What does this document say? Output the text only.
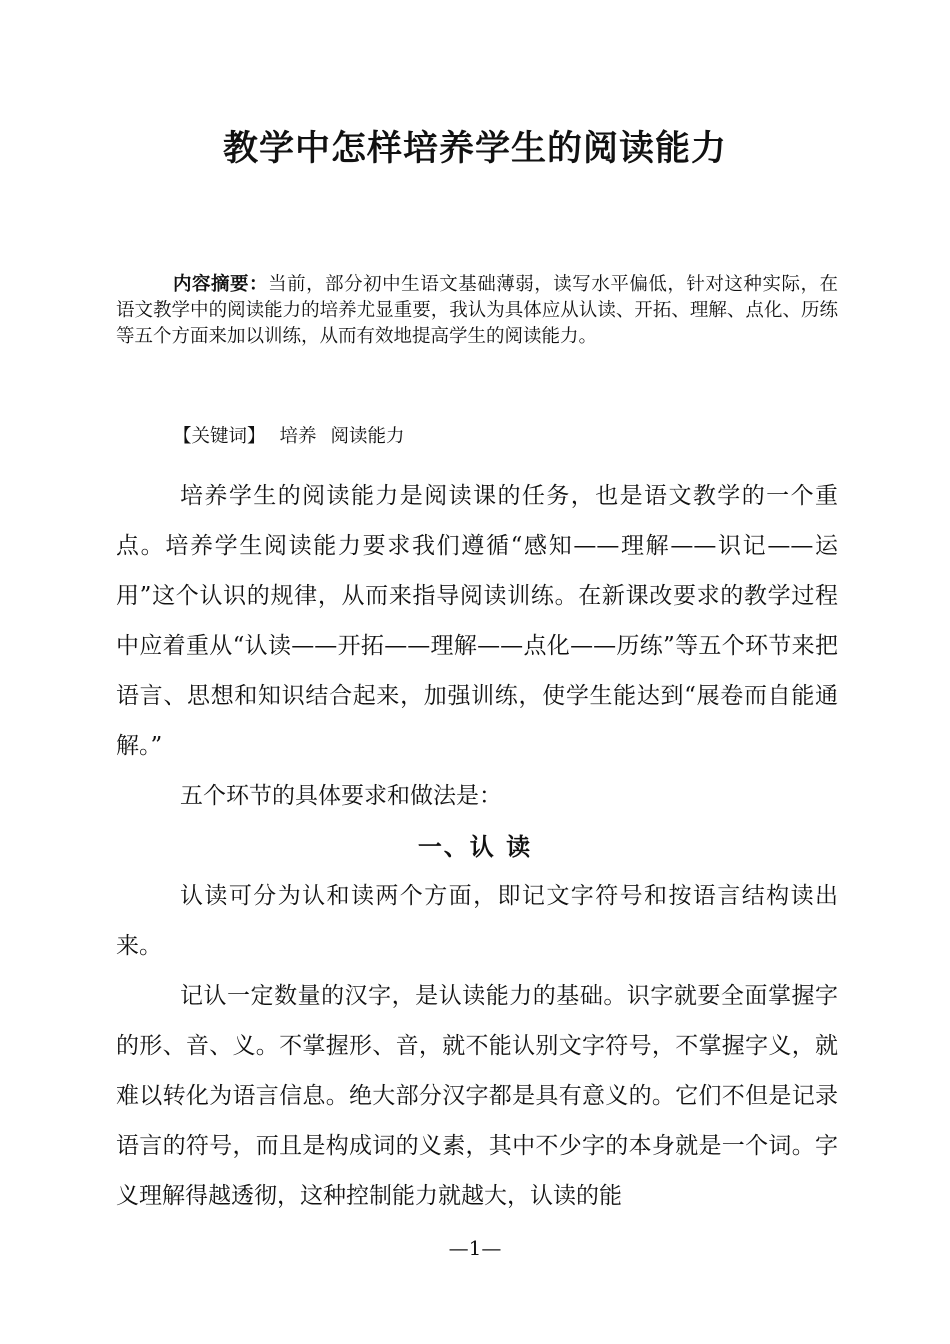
教学中怎样培养学生的阅读能力

内容摘要：当前，部分初中生语文基础薄弱，读写水平偏低，针对这种实际，在语文教学中的阅读能力的培养尤显重要，我认为具体应从认读、开拓、理解、点化、历练等五个方面来加以训练，从而有效地提高学生的阅读能力。

【关键词】 培养 阅读能力

培养学生的阅读能力是阅读课的任务，也是语文教学的一个重点。培养学生阅读能力要求我们遵循“感知——理解——识记——运用”这个认识的规律，从而来指导阅读训练。在新课改要求的教学过程中应着重从“认读——开拓——理解——点化——历练”等五个环节来把语言、思想和知识结合起来，加强训练，使学生能达到“展卷而自能通解。”

五个环节的具体要求和做法是：

一、认 读

认读可分为认和读两个方面，即记文字符号和按语言结构读出来。

记认一定数量的汉字，是认读能力的基础。识字就要全面掌握字的形、音、义。不掌握形、音，就不能认别文字符号，不掌握字义，就难以转化为语言信息。绝大部分汉字都是具有意义的。它们不但是记录语言的符号，而且是构成词的义素，其中不少字的本身就是一个词。字义理解得越透彻，这种控制能力就越大，认读的能

—1—
